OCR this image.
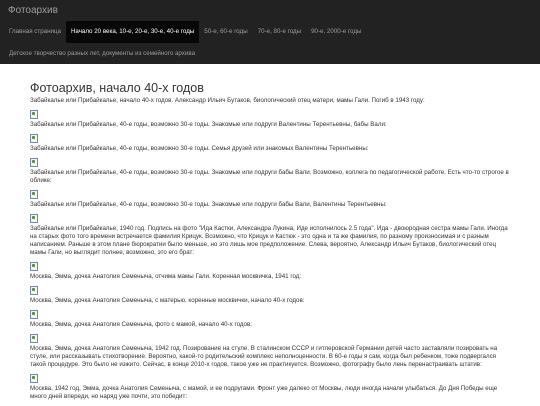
Фотоархив
Главная страница	Начало 20 века, 10-е, 20-е, 30-е, 40-е годы	50-е, 60-е годы	70-е, 80-е годы	90-е, 2000-е годы
Детское творчество разных лет, документы из семейного архива
Фотоархив, начало 40-х годов

Забайкалье или Прибайкалье, начало 40-х годов. Александр Ильич Бутаков, биологический отец матери, мамы Гали. Погиб в 1943 году:

Забайкалье или Прибайкалье, 40-е годы, возможно 30-е годы. Знакомые или подруги Валентины Терентьевны, бабы Вали:

Забайкалье или Прибайкалье, 40-е годы, возможно 30-е годы. Семья друзей или знакомых Валентины Терентьевны:

Забайкалье или Прибайкалье, 40-е годы, возможно 30-е годы. Знакомые или подруги бабы Вали. Возможно, коллега по педагогической работе. Есть что-то строгое в облике:

Забайкалье или Прибайкалье, 40-е годы, возможно 30-е годы. Знакомые или подруги бабы Вали, Валентины Терентьевны:

Забайкалье или Прибайкалье, 1940 год. Подпись на фото "Ида Кастки, Александра Лукина, Иде исполнилось 2.5 года". Ида - двоюродная сестра мамы Гали. Иногда на старых фото того времени встречается фамилия Крицук. Возможно, что Крицук и Кастюк - это одна и та же фамилия, по разному произносимая и с разным написанием. Раньше в этом плане бюрократии было меньше, но это лишь мое предположение. Слева, вероятно, Александр Ильич Бутаков, биологический отец мамы Гали, но выглядит полнее, возможно, это его брат:

Москва, Эмма, дочка Анатолия Семеныча, отчима мамы Гали. Коренная москвичка, 1941 год:

Москва, Эмма, дочка Анатолия Семеныча, с матерью, коренные москвички, начало 40-х годов:

Москва, Эмма, дочка Анатолия Семеныча, фото с мамой, начало 40-х годов:

Москва, Эмма, дочка Анатолия Семеныча, 1942 год. Позирование на стуле. В сталинском СССР и гитлеровской Германии детей часто заставляли позировать на стуле, или рассказывать стихотворение. Вероятно, какой-то родительский комплекс неполноценности. В 60-е годы я сам, когда был ребенком, тоже подвергался такой процедуре. Это было не изжито. Сейчас, в конце 2010-х годов, такое уже не практикуется. Возможно, фотографу было лень перенастраивать штатив:

Москва, 1942 год, Эмма, дочка Анатолия Семеныча, с мамой, и ее подругами. Фронт уже далеко от Москвы, люди иногда начали улыбаться. До Дня Победы еще много дней впереди, но наряд уже почти, это победит:
